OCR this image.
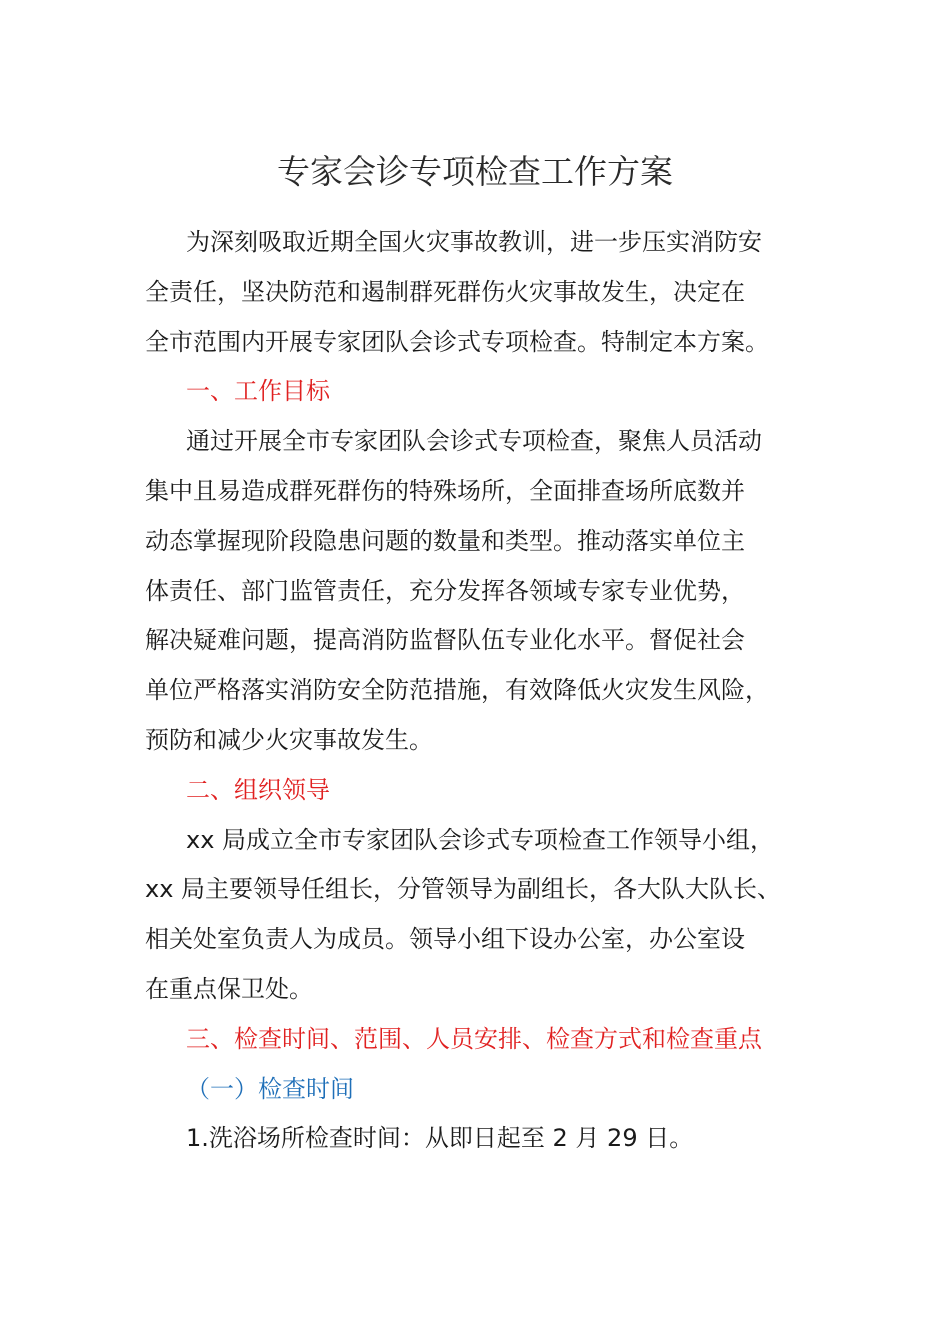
专家会诊专项检查工作方案
为深刻吸取近期全国火灾事故教训，进一步压实消防安
全责任，坚决防范和遏制群死群伤火灾事故发生，决定在
全市范围内开展专家团队会诊式专项检查。特制定本方案。
一、工作目标
通过开展全市专家团队会诊式专项检查，聚焦人员活动
集中且易造成群死群伤的特殊场所，全面排查场所底数并
动态掌握现阶段隐患问题的数量和类型。推动落实单位主
体责任、部门监管责任，充分发挥各领域专家专业优势，
解决疑难问题，提高消防监督队伍专业化水平。督促社会
单位严格落实消防安全防范措施，有效降低火灾发生风险，
预防和减少火灾事故发生。
二、组织领导
xx 局成立全市专家团队会诊式专项检查工作领导小组，
xx 局主要领导任组长，分管领导为副组长，各大队大队长、
相关处室负责人为成员。领导小组下设办公室，办公室设
在重点保卫处。
三、检查时间、范围、人员安排、检查方式和检查重点
（一）检查时间
1.洗浴场所检查时间：从即日起至 2 月 29 日。
